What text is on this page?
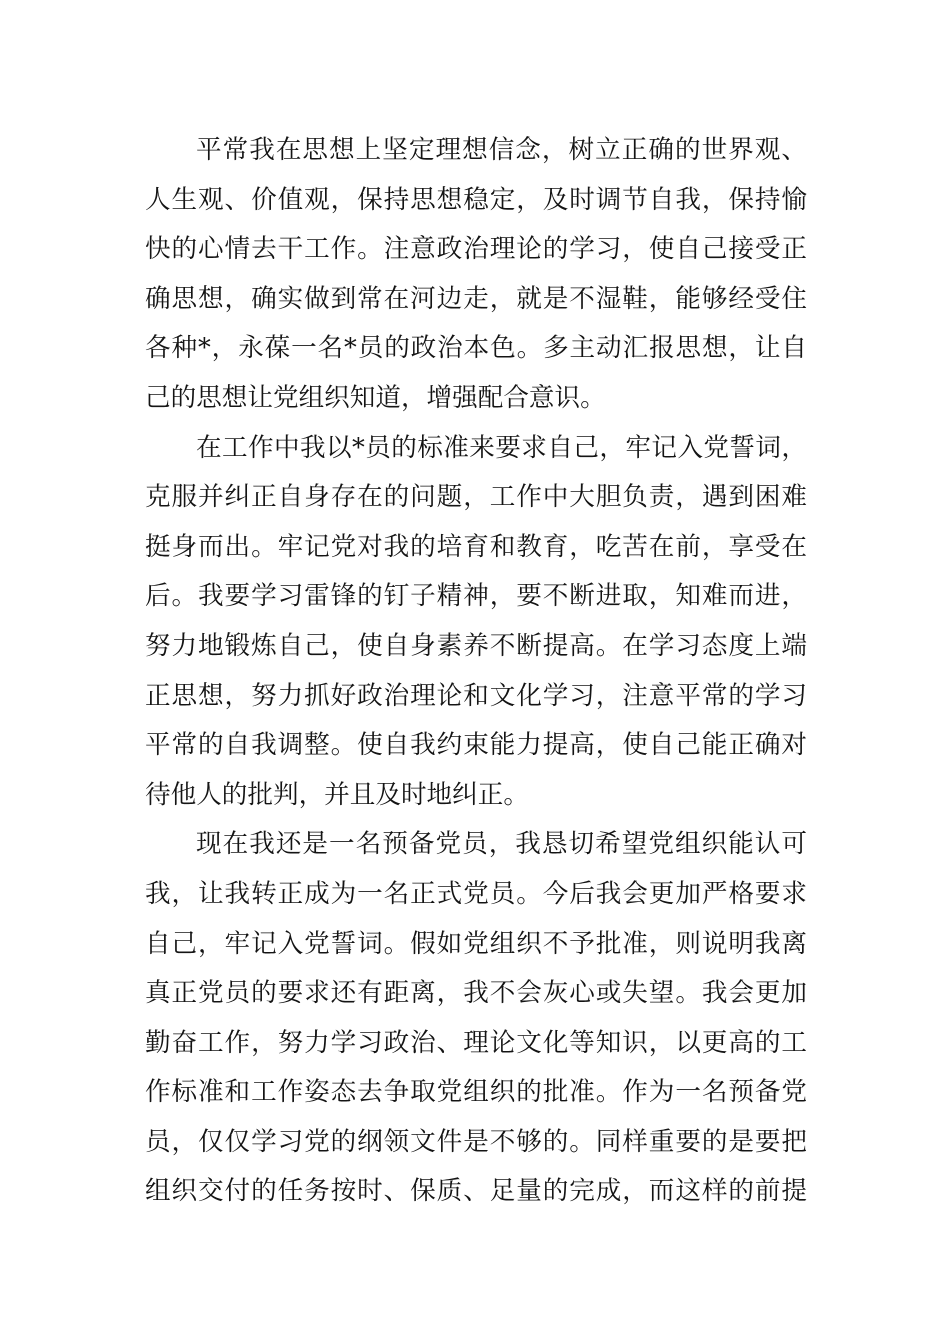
平常我在思想上坚定理想信念，树立正确的世界观、
人生观、价值观，保持思想稳定，及时调节自我，保持愉
快的心情去干工作。注意政治理论的学习，使自己接受正
确思想，确实做到常在河边走，就是不湿鞋，能够经受住
各种*，永葆一名*员的政治本色。多主动汇报思想，让自
己的思想让党组织知道，增强配合意识。
在工作中我以*员的标准来要求自己，牢记入党誓词，
克服并纠正自身存在的问题，工作中大胆负责，遇到困难
挺身而出。牢记党对我的培育和教育，吃苦在前，享受在
后。我要学习雷锋的钉子精神，要不断进取，知难而进，
努力地锻炼自己，使自身素养不断提高。在学习态度上端
正思想，努力抓好政治理论和文化学习，注意平常的学习
平常的自我调整。使自我约束能力提高，使自己能正确对
待他人的批判，并且及时地纠正。
现在我还是一名预备党员，我恳切希望党组织能认可
我，让我转正成为一名正式党员。今后我会更加严格要求
自己，牢记入党誓词。假如党组织不予批准，则说明我离
真正党员的要求还有距离，我不会灰心或失望。我会更加
勤奋工作，努力学习政治、理论文化等知识，以更高的工
作标准和工作姿态去争取党组织的批准。作为一名预备党
员，仅仅学习党的纲领文件是不够的。同样重要的是要把
组织交付的任务按时、保质、足量的完成，而这样的前提
